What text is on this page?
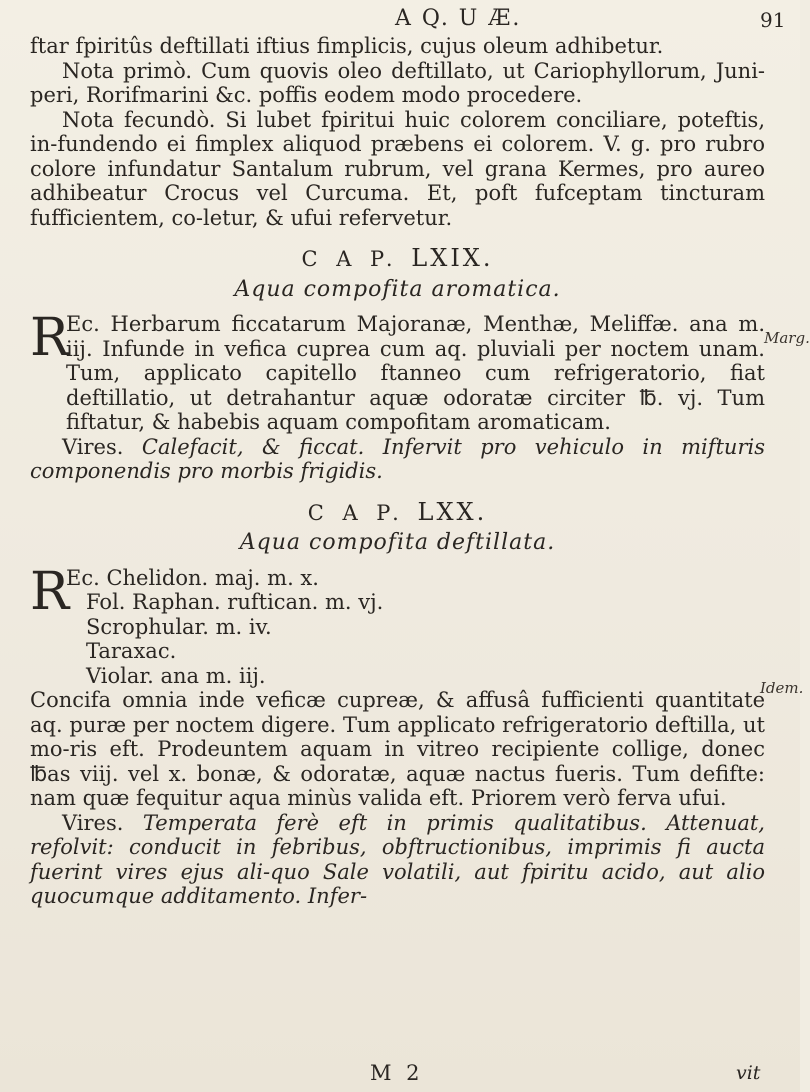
A Q. U Æ.	91

ftar fpiritûs deftillati iftius fimplicis, cujus oleum adhibetur.

Nota primò. Cum quovis oleo deftillato, ut Cariophyllorum, Juni-peri, Rorifmarini &c. poffis eodem modo procedere.

Nota fecundò. Si lubet fpiritui huic colorem conciliare, poteftis, in-fundendo ei fimplex aliquod præbens ei colorem. V. g. pro rubro colore infundatur Santalum rubrum, vel grana Kermes, pro aureo adhibeatur Crocus vel Curcuma. Et, poft fufceptam tincturam fufficientem, co-letur, & ufui refervetur.

C A P. LXIX.

Aqua compofita aromatica.

R
Ec. Herbarum ficcatarum Majoranæ, Menthæ, Meliffæ. ana m. iij. Infunde in vefica cuprea cum aq. pluviali per noctem unam. Tum, applicato capitello ftanneo cum refrigeratorio, fiat deftillatio, ut detrahantur aquæ odoratæ circiter ℔. vj. Tum fiftatur, & habebis aquam compofitam aromaticam.

Vires. Calefacit, & ficcat. Infervit pro vehiculo in mifturis componendis pro morbis frigidis.

C A P. LXX.

Aqua compofita deftillata.

R
Ec. Chelidon. maj. m. x.

Fol. Raphan. ruftican. m. vj.

Scrophular. m. iv.

Taraxac.

Violar. ana m. iij.

Concifa omnia inde veficæ cupreæ, & affusâ fufficienti quantitate aq. puræ per noctem digere. Tum applicato refrigeratorio deftilla, ut mo-ris eft. Prodeuntem aquam in vitreo recipiente collige, donec ℔as viij. vel x. bonæ, & odoratæ, aquæ nactus fueris. Tum defifte: nam quæ fequitur aqua minùs valida eft. Priorem verò ferva ufui.

Vires. Temperata ferè eft in primis qualitatibus. Attenuat, refolvit: conducit in febribus, obftructionibus, imprimis fi aucta fuerint vires ejus ali-quo Sale volatili, aut fpiritu acido, aut alio quocumque additamento. Infer-

Marg.
Idem.
M 2	vit
